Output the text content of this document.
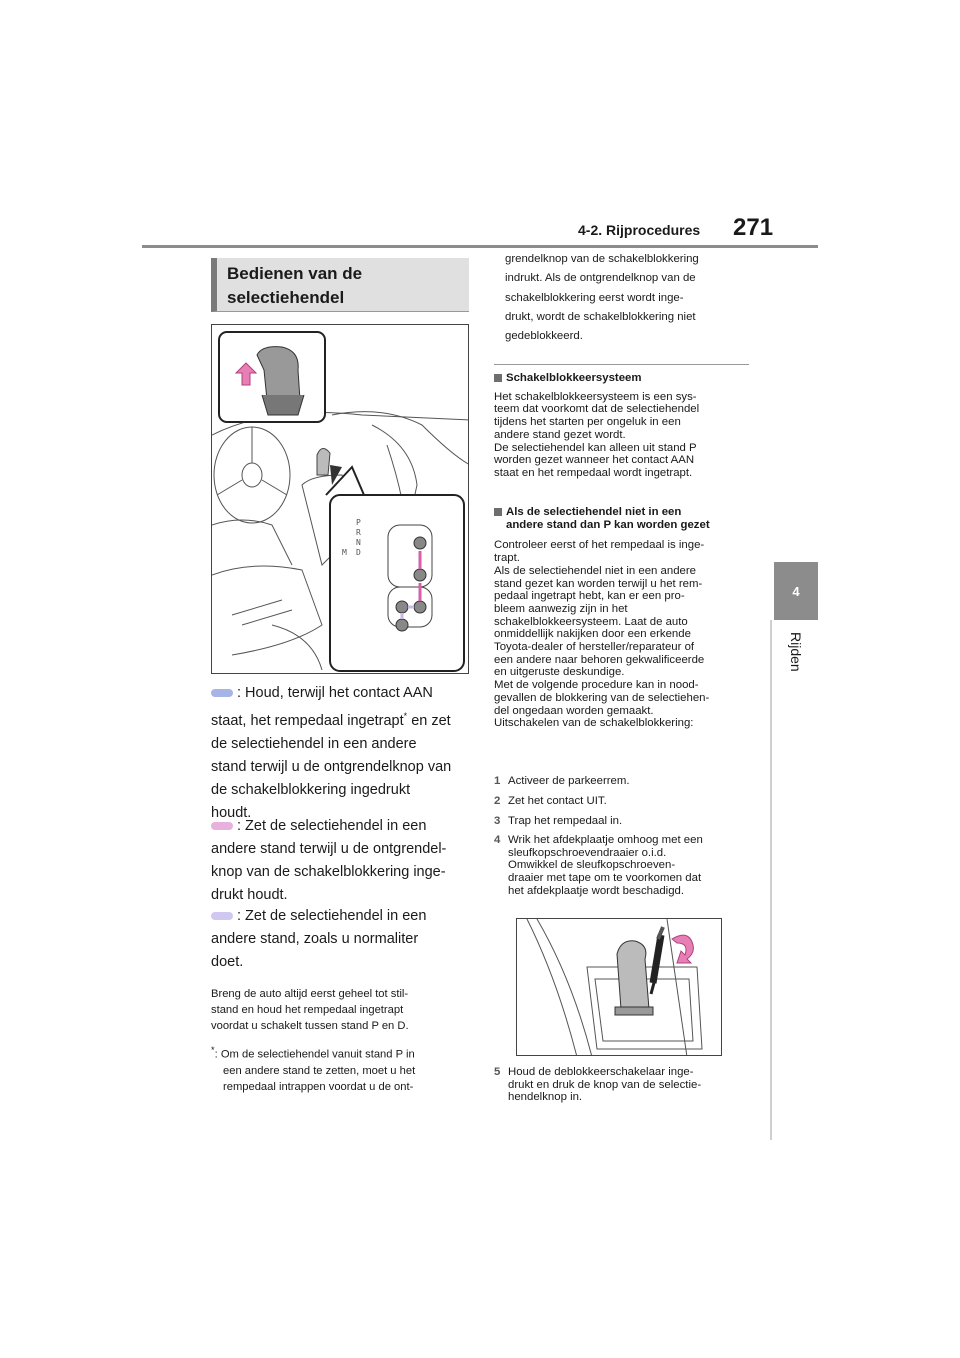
4-2. Rijprocedures 271
4
Rijden
Bedienen van de
selectiehendel
P
R
N
D
M
: Houd, terwijl het contact AAN
staat, het rempedaal ingetrapt* en zet
de selectiehendel in een andere
stand terwijl u de ontgrendelknop van
de schakelblokkering ingedrukt
houdt.
: Zet de selectiehendel in een
andere stand terwijl u de ontgrendel-
knop van de schakelblokkering inge-
drukt houdt.
: Zet de selectiehendel in een
andere stand, zoals u normaliter
doet.
Breng de auto altijd eerst geheel tot stil-
stand en houd het rempedaal ingetrapt
voordat u schakelt tussen stand P en D.
*: Om de selectiehendel vanuit stand P in
een andere stand te zetten, moet u het
rempedaal intrappen voordat u de ont-
grendelknop van de schakelblokkering
indrukt. Als de ontgrendelknop van de
schakelblokkering eerst wordt inge-
drukt, wordt de schakelblokkering niet
gedeblokkeerd.
Schakelblokkeersysteem
Het schakelblokkeersysteem is een sys-
teem dat voorkomt dat de selectiehendel
tijdens het starten per ongeluk in een
andere stand gezet wordt.
De selectiehendel kan alleen uit stand P
worden gezet wanneer het contact AAN
staat en het rempedaal wordt ingetrapt.
Als de selectiehendel niet in een
andere stand dan P kan worden gezet
Controleer eerst of het rempedaal is inge-
trapt.
Als de selectiehendel niet in een andere
stand gezet kan worden terwijl u het rem-
pedaal ingetrapt hebt, kan er een pro-
bleem aanwezig zijn in het
schakelblokkeersysteem. Laat de auto
onmiddellijk nakijken door een erkende
Toyota-dealer of hersteller/reparateur of
een andere naar behoren gekwalificeerde
en uitgeruste deskundige.
Met de volgende procedure kan in nood-
gevallen de blokkering van de selectiehen-
del ongedaan worden gemaakt.
Uitschakelen van de schakelblokkering:
1 Activeer de parkeerrem.
2 Zet het contact UIT.
3 Trap het rempedaal in.
4 Wrik het afdekplaatje omhoog met een
sleufkopschroevendraaier o.i.d.
Omwikkel de sleufkopschroeven-
draaier met tape om te voorkomen dat
het afdekplaatje wordt beschadigd.
5 Houd de deblokkeerschakelaar inge-
drukt en druk de knop van de selectie-
hendelknop in.
